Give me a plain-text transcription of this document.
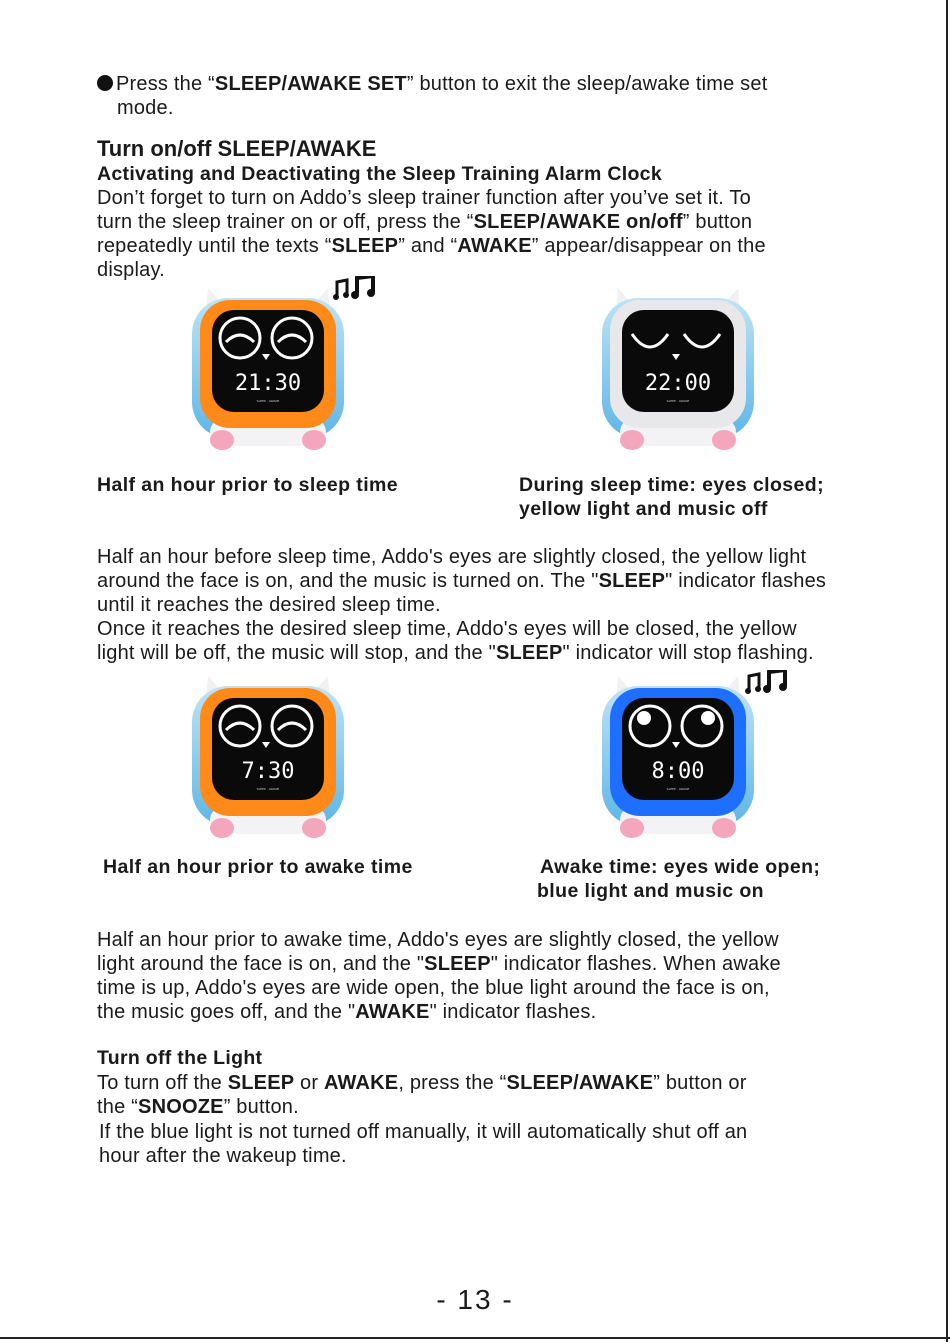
Press the “SLEEP/AWAKE SET” button to exit the sleep/awake time set

mode.

Turn on/off SLEEP/AWAKE
Activating and Deactivating the Sleep Training Alarm Clock

Don’t forget to turn on Addo’s sleep trainer function after you’ve set it. To

turn the sleep trainer on or off, press the “SLEEP/AWAKE on/off” button

repeatedly until the texts “SLEEP” and “AWAKE” appear/disappear on the

display.

21:30
SLEEP · AWAKE
22:00
SLEEP · AWAKE

Half an hour prior to sleep time	During sleep time: eyes closed;

yellow light and music off

Half an hour before sleep time, Addo's eyes are slightly closed, the yellow light

around the face is on, and the music is turned on. The "SLEEP" indicator flashes

until it reaches the desired sleep time.

Once it reaches the desired sleep time, Addo's eyes will be closed, the yellow

light will be off, the music will stop, and the "SLEEP" indicator will stop flashing.

7:30
SLEEP · AWAKE
8:00
SLEEP · AWAKE

Half an hour prior to awake time	Awake time: eyes wide open;

blue light and music on

Half an hour prior to awake time, Addo's eyes are slightly closed, the yellow

light around the face is on, and the "SLEEP" indicator flashes. When awake

time is up, Addo's eyes are wide open, the blue light around the face is on,

the music goes off, and the "AWAKE" indicator flashes.

Turn off the Light

To turn off the SLEEP or AWAKE, press the “SLEEP/AWAKE” button or

the “SNOOZE” button.

If the blue light is not turned off manually, it will automatically shut off an

hour after the wakeup time.

- 13 -
